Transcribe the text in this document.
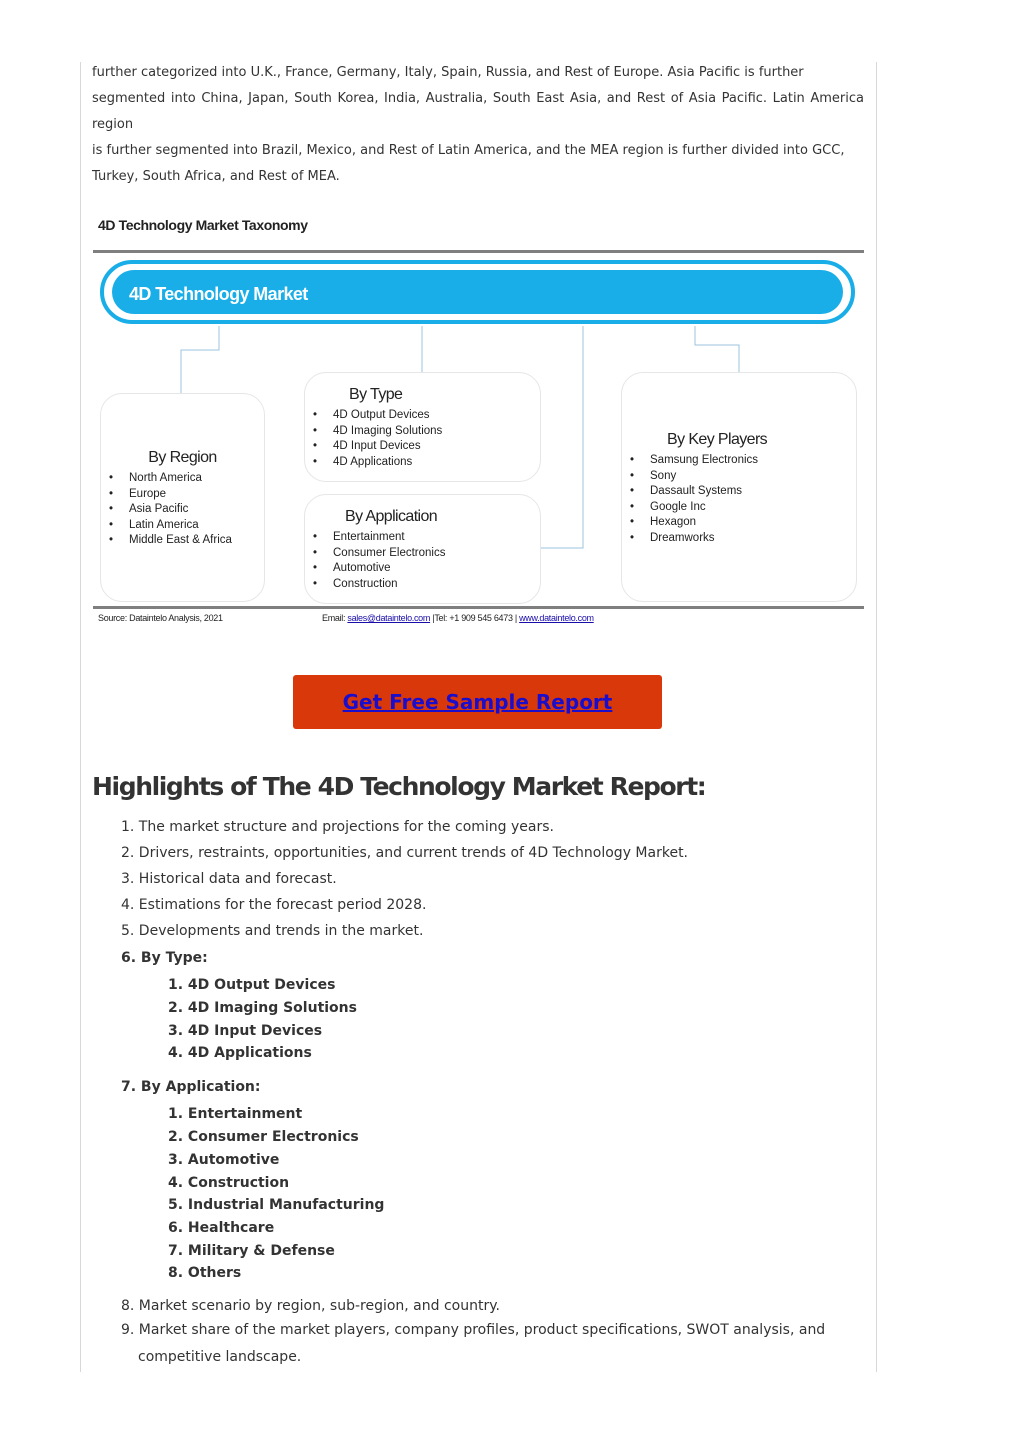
further categorized into U.K., France, Germany, Italy, Spain, Russia, and Rest of Europe. Asia Paciﬁc is further
segmented into China, Japan, South Korea, India, Australia, South East Asia, and Rest of Asia Paciﬁc. Latin America region
is further segmented into Brazil, Mexico, and Rest of Latin America, and the MEA region is further divided into GCC,
Turkey, South Africa, and Rest of MEA.

4D Technology Market Taxonomy
4D Technology Market
By Region
• North America
• Europe
• Asia Pacific
• Latin America
• Middle East & Africa
By Type
• 4D Output Devices
• 4D Imaging Solutions
• 4D Input Devices
• 4D Applications
By Application
• Entertainment
• Consumer Electronics
• Automotive
• Construction
By Key Players
• Samsung Electronics
• Sony
• Dassault Systems
• Google Inc
• Hexagon
• Dreamworks
Source: Dataintelo Analysis, 2021	Email: sales@dataintelo.com |Tel: +1 909 545 6473 | www.dataintelo.com
Get Free Sample Report
Highlights of The 4D Technology Market Report:
1. The market structure and projections for the coming years.
2. Drivers, restraints, opportunities, and current trends of 4D Technology Market.
3. Historical data and forecast.
4. Estimations for the forecast period 2028.
5. Developments and trends in the market.
6. By Type:
1. 4D Output Devices
2. 4D Imaging Solutions
3. 4D Input Devices
4. 4D Applications
7. By Application:
1. Entertainment
2. Consumer Electronics
3. Automotive
4. Construction
5. Industrial Manufacturing
6. Healthcare
7. Military & Defense
8. Others
8. Market scenario by region, sub-region, and country.
9. Market share of the market players, company proﬁles, product speciﬁcations, SWOT analysis, and
competitive landscape.
